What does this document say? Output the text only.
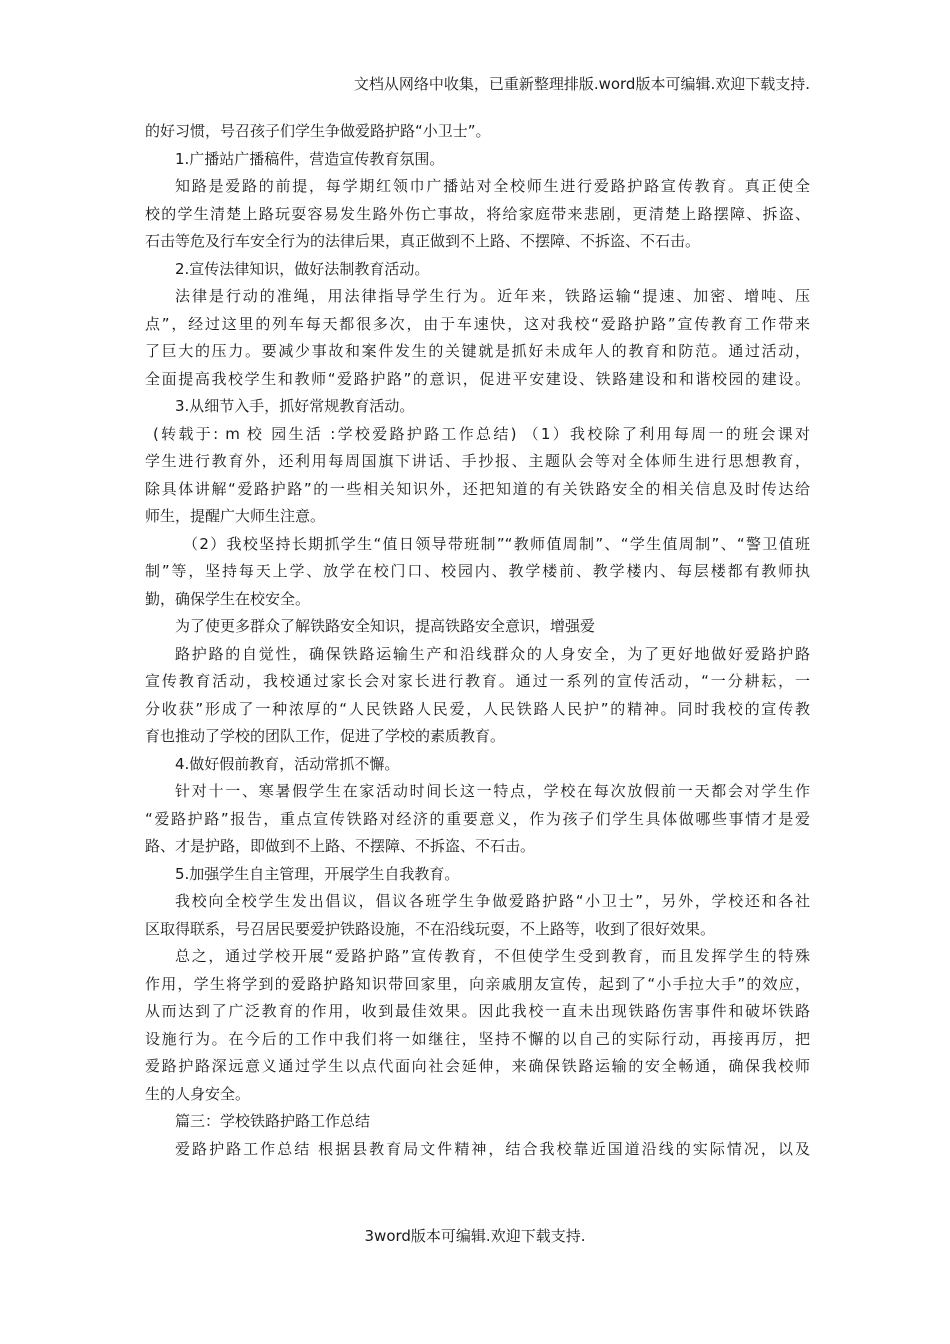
文档从网络中收集，已重新整理排版.word版本可编辑.欢迎下载支持.
的好习惯，号召孩子们学生争做爱路护路“小卫士”。
1.广播站广播稿件，营造宣传教育氛围。
知路是爱路的前提，每学期红领巾广播站对全校师生进行爱路护路宣传教育。真正使全
校的学生清楚上路玩耍容易发生路外伤亡事故，将给家庭带来悲剧，更清楚上路摆障、拆盗、
石击等危及行车安全行为的法律后果，真正做到不上路、不摆障、不拆盗、不石击。
2.宣传法律知识，做好法制教育活动。
法律是行动的准绳，用法律指导学生行为。近年来，铁路运输“提速、加密、增吨、压
点”，经过这里的列车每天都很多次，由于车速快，这对我校“爱路护路”宣传教育工作带来
了巨大的压力。要减少事故和案件发生的关键就是抓好未成年人的教育和防范。通过活动，
全面提高我校学生和教师“爱路护路”的意识，促进平安建设、铁路建设和和谐校园的建设。
3.从细节入手，抓好常规教育活动。
(转载于: m 校 园生活 :学校爱路护路工作总结) （1）我校除了利用每周一的班会课对
学生进行教育外，还利用每周国旗下讲话、手抄报、主题队会等对全体师生进行思想教育，
除具体讲解“爱路护路”的一些相关知识外，还把知道的有关铁路安全的相关信息及时传达给
师生，提醒广大师生注意。
（2）我校坚持长期抓学生“值日领导带班制”“教师值周制”、“学生值周制”、“警卫值班
制”等，坚持每天上学、放学在校门口、校园内、教学楼前、教学楼内、每层楼都有教师执
勤，确保学生在校安全。
为了使更多群众了解铁路安全知识，提高铁路安全意识，增强爱
路护路的自觉性，确保铁路运输生产和沿线群众的人身安全，为了更好地做好爱路护路
宣传教育活动，我校通过家长会对家长进行教育。通过一系列的宣传活动，“一分耕耘，一
分收获”形成了一种浓厚的“人民铁路人民爱，人民铁路人民护”的精神。同时我校的宣传教
育也推动了学校的团队工作，促进了学校的素质教育。
4.做好假前教育，活动常抓不懈。
针对十一、寒暑假学生在家活动时间长这一特点，学校在每次放假前一天都会对学生作
“爱路护路”报告，重点宣传铁路对经济的重要意义，作为孩子们学生具体做哪些事情才是爱
路、才是护路，即做到不上路、不摆障、不拆盗、不石击。
5.加强学生自主管理，开展学生自我教育。
我校向全校学生发出倡议，倡议各班学生争做爱路护路“小卫士”，另外，学校还和各社
区取得联系，号召居民要爱护铁路设施，不在沿线玩耍，不上路等，收到了很好效果。
总之，通过学校开展“爱路护路”宣传教育，不但使学生受到教育，而且发挥学生的特殊
作用，学生将学到的爱路护路知识带回家里，向亲戚朋友宣传，起到了“小手拉大手”的效应，
从而达到了广泛教育的作用，收到最佳效果。因此我校一直未出现铁路伤害事件和破坏铁路
设施行为。在今后的工作中我们将一如继往，坚持不懈的以自己的实际行动，再接再厉，把
爱路护路深远意义通过学生以点代面向社会延伸，来确保铁路运输的安全畅通，确保我校师
生的人身安全。
篇三：学校铁路护路工作总结
爱路护路工作总结 根据县教育局文件精神，结合我校靠近国道沿线的实际情况，以及
3word版本可编辑.欢迎下载支持.
